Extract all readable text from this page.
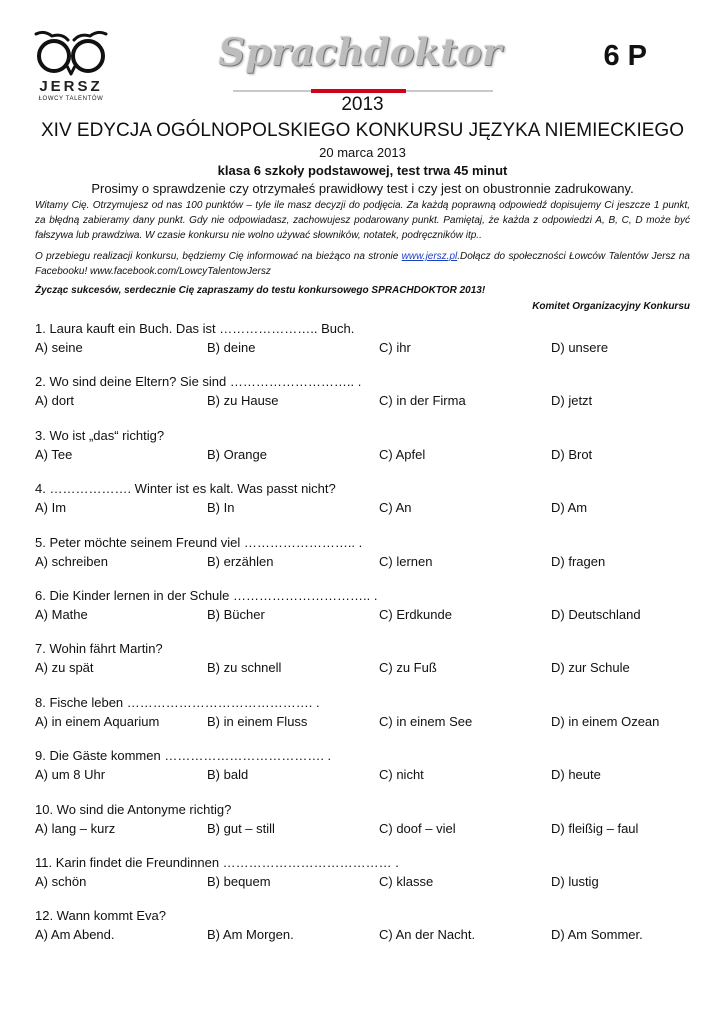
JERSZ
ŁOWCY TALENTÓW
Sprachdoktor	6 P
2013
XIV EDYCJA OGÓLNOPOLSKIEGO KONKURSU JĘZYKA NIEMIECKIEGO
20 marca 2013
klasa 6 szkoły podstawowej, test trwa 45 minut
Prosimy o sprawdzenie czy otrzymałeś prawidłowy test i czy jest on obustronnie zadrukowany.

Witamy Cię. Otrzymujesz od nas 100 punktów – tyle ile masz decyzji do podjęcia. Za każdą poprawną odpowiedź dopisujemy Ci jeszcze 1 punkt, za błędną zabieramy dany punkt. Gdy nie odpowiadasz, zachowujesz podarowany punkt. Pamiętaj, że każda z odpowiedzi A, B, C, D może być fałszywa lub prawdziwa. W czasie konkursu nie wolno używać słowników, notatek, podręczników itp..

O przebiegu realizacji konkursu, będziemy Cię informować na bieżąco na stronie www.jersz.pl.Dołącz do społeczności Łowców Talentów Jersz na Facebooku! www.facebook.com/LowcyTalentowJersz

Życząc sukcesów, serdecznie Cię zapraszamy do testu konkursowego SPRACHDOKTOR 2013!
Komitet Organizacyjny Konkursu
1. Laura kauft ein Buch. Das ist ………………….. Buch.
A) seine	B) deine	C) ihr	D) unsere
2. Wo sind deine Eltern? Sie sind ……………………….. .
A) dort	B) zu Hause	C) in der Firma	D) jetzt
3. Wo ist „das“ richtig?
A) Tee	B) Orange	C) Apfel	D) Brot
4. ………………. Winter ist es kalt. Was passt nicht?
A) Im	B) In	C) An	D) Am
5. Peter möchte seinem Freund viel …………………….. .
A) schreiben	B) erzählen	C) lernen	D) fragen
6. Die Kinder lernen in der Schule ………………………….. .
A) Mathe	B) Bücher	C) Erdkunde	D) Deutschland
7. Wohin fährt Martin?
A) zu spät	B) zu schnell	C) zu Fuß	D) zur Schule
8. Fische leben ……………………………………. .
A) in einem Aquarium	B) in einem Fluss	C) in einem See	D) in einem Ozean
9. Die Gäste kommen ………………………………. .
A) um 8 Uhr	B) bald	C) nicht	D) heute
10. Wo sind die Antonyme richtig?
A) lang – kurz	B) gut – still	C) doof – viel	D) fleißig – faul
11. Karin findet die Freundinnen ………………………………… .
A) schön	B) bequem	C) klasse	D) lustig
12. Wann kommt Eva?
A) Am Abend.	B) Am Morgen.	C) An der Nacht.	D) Am Sommer.
